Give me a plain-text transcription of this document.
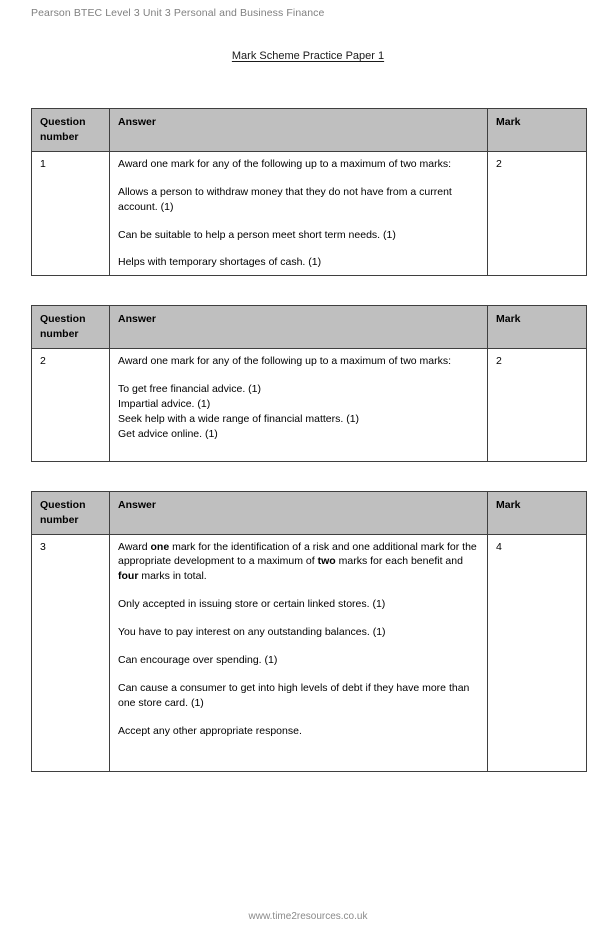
Pearson BTEC Level 3 Unit 3 Personal and Business Finance
Mark Scheme Practice Paper 1
Question number	Answer	Mark
1	Award one mark for any of the following up to a maximum of two marks:

Allows a person to withdraw money that they do not have from a current account. (1)

Can be suitable to help a person meet short term needs. (1)

Helps with temporary shortages of cash. (1)	2
Question number	Answer	Mark
2	Award one mark for any of the following up to a maximum of two marks:

To get free financial advice. (1)

Impartial advice. (1)

Seek help with a wide range of financial matters. (1)

Get advice online. (1)	2
Question number	Answer	Mark
3	Award one mark for the identification of a risk and one additional mark for the appropriate development to a maximum of two marks for each benefit and four marks in total.

Only accepted in issuing store or certain linked stores. (1)

You have to pay interest on any outstanding balances. (1)

Can encourage over spending. (1)

Can cause a consumer to get into high levels of debt if they have more than one store card. (1)

Accept any other appropriate response.

	4
www.time2resources.co.uk
